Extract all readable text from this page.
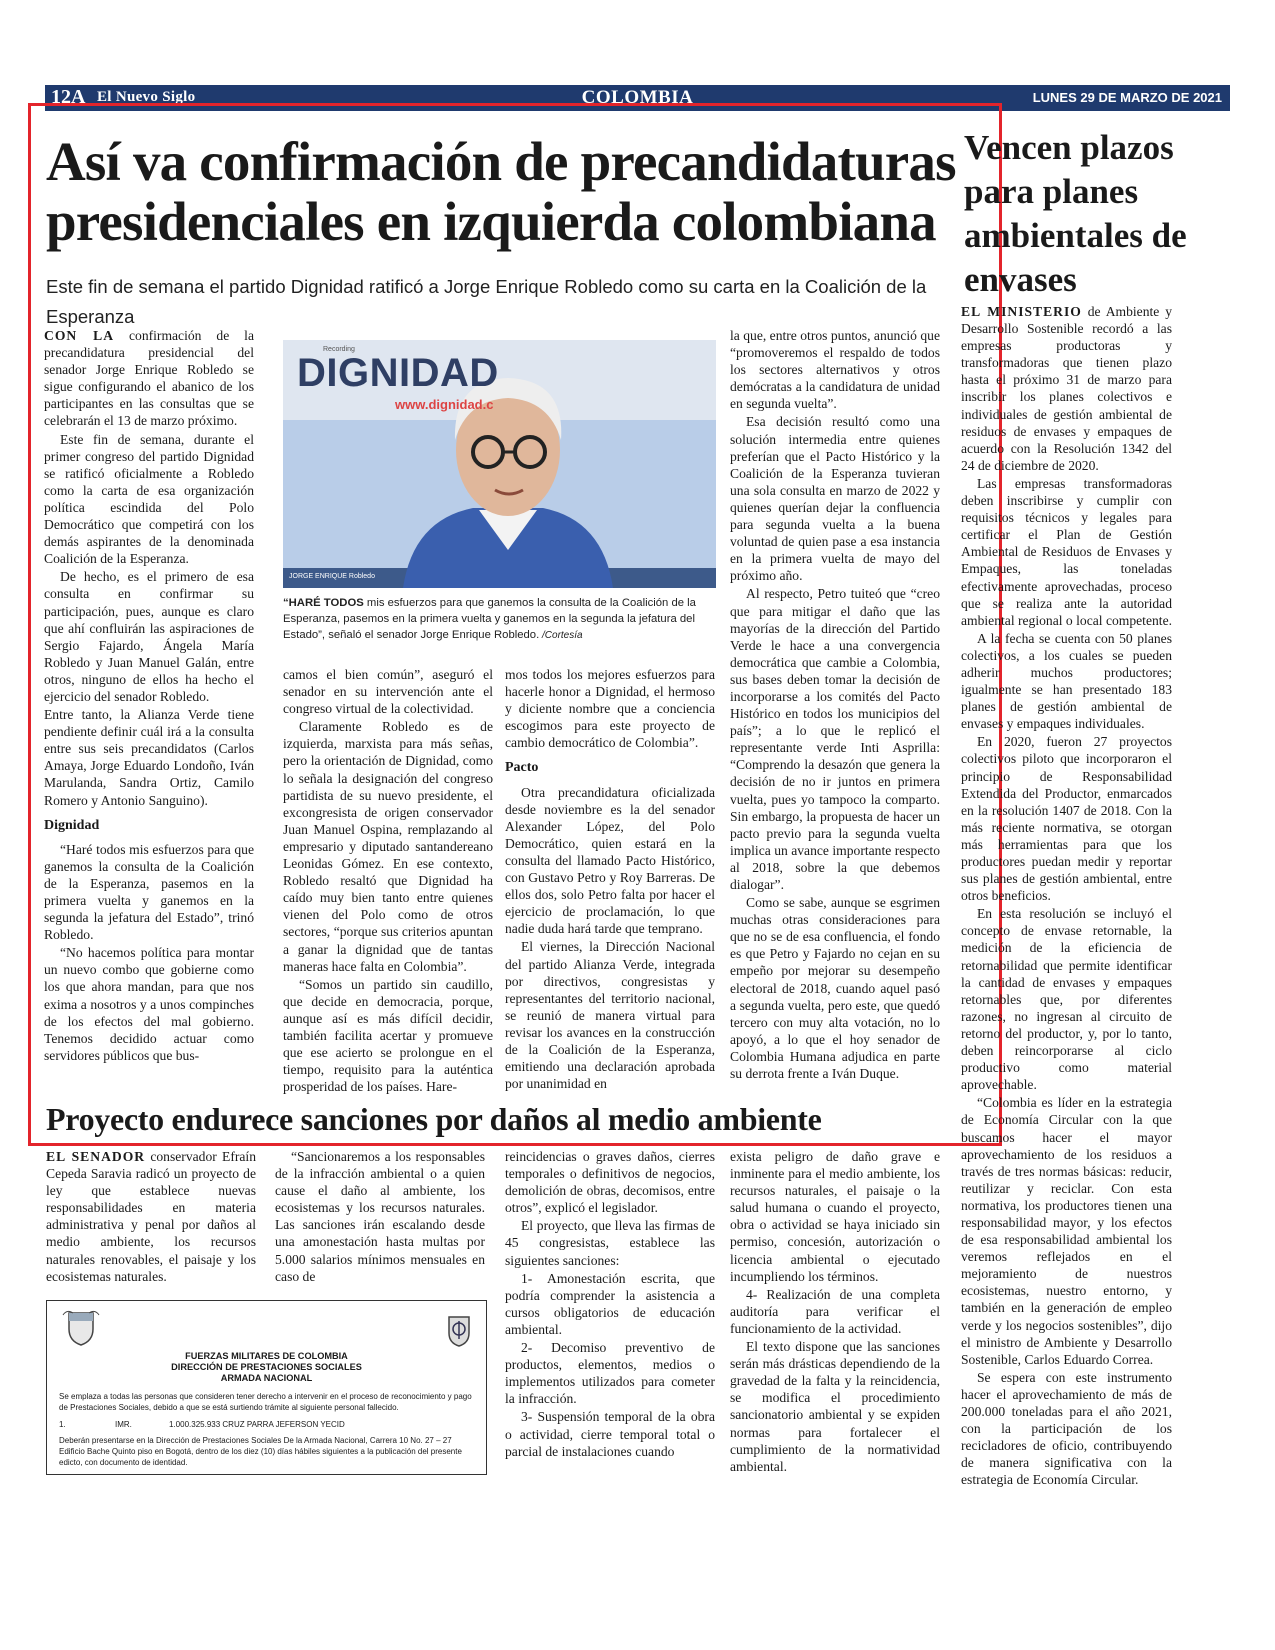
12A El Nuevo Siglo	COLOMBIA	LUNES 29 DE MARZO DE 2021
Así va confirmación de precandidaturas presidenciales en izquierda colombiana
Este fin de semana el partido Dignidad ratificó a Jorge Enrique Robledo como su carta en la Coalición de la Esperanza

CON LA confirmación de la precandidatura presidencial del senador Jorge Enrique Robledo se sigue configurando el abanico de los participantes en las consultas que se celebrarán el 13 de marzo próximo.

Este fin de semana, durante el primer congreso del partido Dignidad se ratificó oficialmente a Robledo como la carta de esa organización política escindida del Polo Democrático que competirá con los demás aspirantes de la denominada Coalición de la Esperanza.

De hecho, es el primero de esa consulta en confirmar su participación, pues, aunque es claro que ahí confluirán las aspiraciones de Sergio Fajardo, Ángela María Robledo y Juan Manuel Galán, entre otros, ninguno de ellos ha hecho el ejercicio del senador Robledo.

Entre tanto, la Alianza Verde tiene pendiente definir cuál irá a la consulta entre sus seis precandidatos (Carlos Amaya, Jorge Eduardo Londoño, Iván Marulanda, Sandra Ortiz, Camilo Romero y Antonio Sanguino).

Dignidad

“Haré todos mis esfuerzos para que ganemos la consulta de la Coalición de la Esperanza, pasemos en la primera vuelta y ganemos en la segunda la jefatura del Estado”, trinó Robledo.

“No hacemos política para montar un nuevo combo que gobierne como los que ahora mandan, para que nos exima a nosotros y a unos compinches de los efectos del mal gobierno. Tenemos decidido actuar como servidores públicos que bus-

Recording
DIGNIDAD
www.dignidad.c
JORGE ENRIQUE Robledo
“HARÉ TODOS mis esfuerzos para que ganemos la consulta de la Coalición de la Esperanza, pasemos en la primera vuelta y ganemos en la segunda la jefatura del Estado”, señaló el senador Jorge Enrique Robledo. /Cortesía

camos el bien común”, aseguró el senador en su intervención ante el congreso virtual de la colectividad.

Claramente Robledo es de izquierda, marxista para más señas, pero la orientación de Dignidad, como lo señala la designación del congreso partidista de su nuevo presidente, el excongresista de origen conservador Juan Manuel Ospina, remplazando al empresario y diputado santandereano Leonidas Gómez. En ese contexto, Robledo resaltó que Dignidad ha caído muy bien tanto entre quienes vienen del Polo como de otros sectores, “porque sus criterios apuntan a ganar la dignidad que de tantas maneras hace falta en Colombia”.

“Somos un partido sin caudillo, que decide en democracia, porque, aunque así es más difícil decidir, también facilita acertar y promueve que ese acierto se prolongue en el tiempo, requisito para la auténtica prosperidad de los países. Hare-

mos todos los mejores esfuerzos para hacerle honor a Dignidad, el hermoso y diciente nombre que a conciencia escogimos para este proyecto de cambio democrático de Colombia”.

Pacto

Otra precandidatura oficializada desde noviembre es la del senador Alexander López, del Polo Democrático, quien estará en la consulta del llamado Pacto Histórico, con Gustavo Petro y Roy Barreras. De ellos dos, solo Petro falta por hacer el ejercicio de proclamación, lo que nadie duda hará tarde que temprano.

El viernes, la Dirección Nacional del partido Alianza Verde, integrada por directivos, congresistas y representantes del territorio nacional, se reunió de manera virtual para revisar los avances en la construcción de la Coalición de la Esperanza, emitiendo una declaración aprobada por unanimidad en

la que, entre otros puntos, anunció que “promoveremos el respaldo de todos los sectores alternativos y otros demócratas a la candidatura de unidad en segunda vuelta”.

Esa decisión resultó como una solución intermedia entre quienes preferían que el Pacto Histórico y la Coalición de la Esperanza tuvieran una sola consulta en marzo de 2022 y quienes querían dejar la confluencia para segunda vuelta a la buena voluntad de quien pase a esa instancia en la primera vuelta de mayo del próximo año.

Al respecto, Petro tuiteó que “creo que para mitigar el daño que las mayorías de la dirección del Partido Verde le hace a una convergencia democrática que cambie a Colombia, sus bases deben tomar la decisión de incorporarse a los comités del Pacto Histórico en todos los municipios del país”; a lo que le replicó el representante verde Inti Asprilla: “Comprendo la desazón que genera la decisión de no ir juntos en primera vuelta, pues yo tampoco la comparto. Sin embargo, la propuesta de hacer un pacto previo para la segunda vuelta implica un avance importante respecto al 2018, sobre la que debemos dialogar”.

Como se sabe, aunque se esgrimen muchas otras consideraciones para que no se de esa confluencia, el fondo es que Petro y Fajardo no cejan en su empeño por mejorar su desempeño electoral de 2018, cuando aquel pasó a segunda vuelta, pero este, que quedó tercero con muy alta votación, no lo apoyó, a lo que el hoy senador de Colombia Humana adjudica en parte su derrota frente a Iván Duque.

Vencen plazos para planes ambientales de envases

EL MINISTERIO de Ambiente y Desarrollo Sostenible recordó a las empresas productoras y transformadoras que tienen plazo hasta el próximo 31 de marzo para inscribir los planes colectivos e individuales de gestión ambiental de residuos de envases y empaques de acuerdo con la Resolución 1342 del 24 de diciembre de 2020.

Las empresas transformadoras deben inscribirse y cumplir con requisitos técnicos y legales para certificar el Plan de Gestión Ambiental de Residuos de Envases y Empaques, las toneladas efectivamente aprovechadas, proceso que se realiza ante la autoridad ambiental regional o local competente.

A la fecha se cuenta con 50 planes colectivos, a los cuales se pueden adherir muchos productores; igualmente se han presentado 183 planes de gestión ambiental de envases y empaques individuales.

En 2020, fueron 27 proyectos colectivos piloto que incorporaron el principio de Responsabilidad Extendida del Productor, enmarcados en la resolución 1407 de 2018. Con la más reciente normativa, se otorgan más herramientas para que los productores puedan medir y reportar sus planes de gestión ambiental, entre otros beneficios.

En esta resolución se incluyó el concepto de envase retornable, la medición de la eficiencia de retornabilidad que permite identificar la cantidad de envases y empaques retornables que, por diferentes razones, no ingresan al circuito de retorno del productor, y, por lo tanto, deben reincorporarse al ciclo productivo como material aprovechable.

“Colombia es líder en la estrategia de Economía Circular con la que buscamos hacer el mayor aprovechamiento de los residuos a través de tres normas básicas: reducir, reutilizar y reciclar. Con esta normativa, los productores tienen una responsabilidad mayor, y los efectos de esa responsabilidad ambiental los veremos reflejados en el mejoramiento de nuestros ecosistemas, nuestro entorno, y también en la generación de empleo verde y los negocios sostenibles”, dijo el ministro de Ambiente y Desarrollo Sostenible, Carlos Eduardo Correa.

Se espera con este instrumento hacer el aprovechamiento de más de 200.000 toneladas para el año 2021, con la participación de los recicladores de oficio, contribuyendo de manera significativa con la estrategia de Economía Circular.

Proyecto endurece sanciones por daños al medio ambiente

EL SENADOR conservador Efraín Cepeda Saravia radicó un proyecto de ley que establece nuevas responsabilidades en materia administrativa y penal por daños al medio ambiente, los recursos naturales renovables, el paisaje y los ecosistemas naturales.

“Sancionaremos a los responsables de la infracción ambiental o a quien cause el daño al ambiente, los ecosistemas y los recursos naturales. Las sanciones irán escalando desde una amonestación hasta multas por 5.000 salarios mínimos mensuales en caso de

reincidencias o graves daños, cierres temporales o definitivos de negocios, demolición de obras, decomisos, entre otros”, explicó el legislador.

El proyecto, que lleva las firmas de 45 congresistas, establece las siguientes sanciones:

1- Amonestación escrita, que podría comprender la asistencia a cursos obligatorios de educación ambiental.

2- Decomiso preventivo de productos, elementos, medios o implementos utilizados para cometer la infracción.

3- Suspensión temporal de la obra o actividad, cierre temporal total o parcial de instalaciones cuando

exista peligro de daño grave e inminente para el medio ambiente, los recursos naturales, el paisaje o la salud humana o cuando el proyecto, obra o actividad se haya iniciado sin permiso, concesión, autorización o licencia ambiental o ejecutado incumpliendo los términos.

4- Realización de una completa auditoría para verificar el funcionamiento de la actividad.

El texto dispone que las sanciones serán más drásticas dependiendo de la gravedad de la falta y la reincidencia, se modifica el procedimiento sancionatorio ambiental y se expiden normas para fortalecer el cumplimiento de la normatividad ambiental.

FUERZAS MILITARES DE COLOMBIA
DIRECCIÓN DE PRESTACIONES SOCIALES
ARMADA NACIONAL
Se emplaza a todas las personas que consideren tener derecho a intervenir en el proceso de reconocimiento y pago de Prestaciones Sociales, debido a que se está surtiendo trámite al siguiente personal fallecido.
1.	IMR.	1.000.325.933 CRUZ PARRA JEFERSON YECID
Deberán presentarse en la Dirección de Prestaciones Sociales De la Armada Nacional, Carrera 10 No. 27 – 27 Edificio Bache Quinto piso en Bogotá, dentro de los diez (10) días hábiles siguientes a la publicación del presente edicto, con documento de identidad.
